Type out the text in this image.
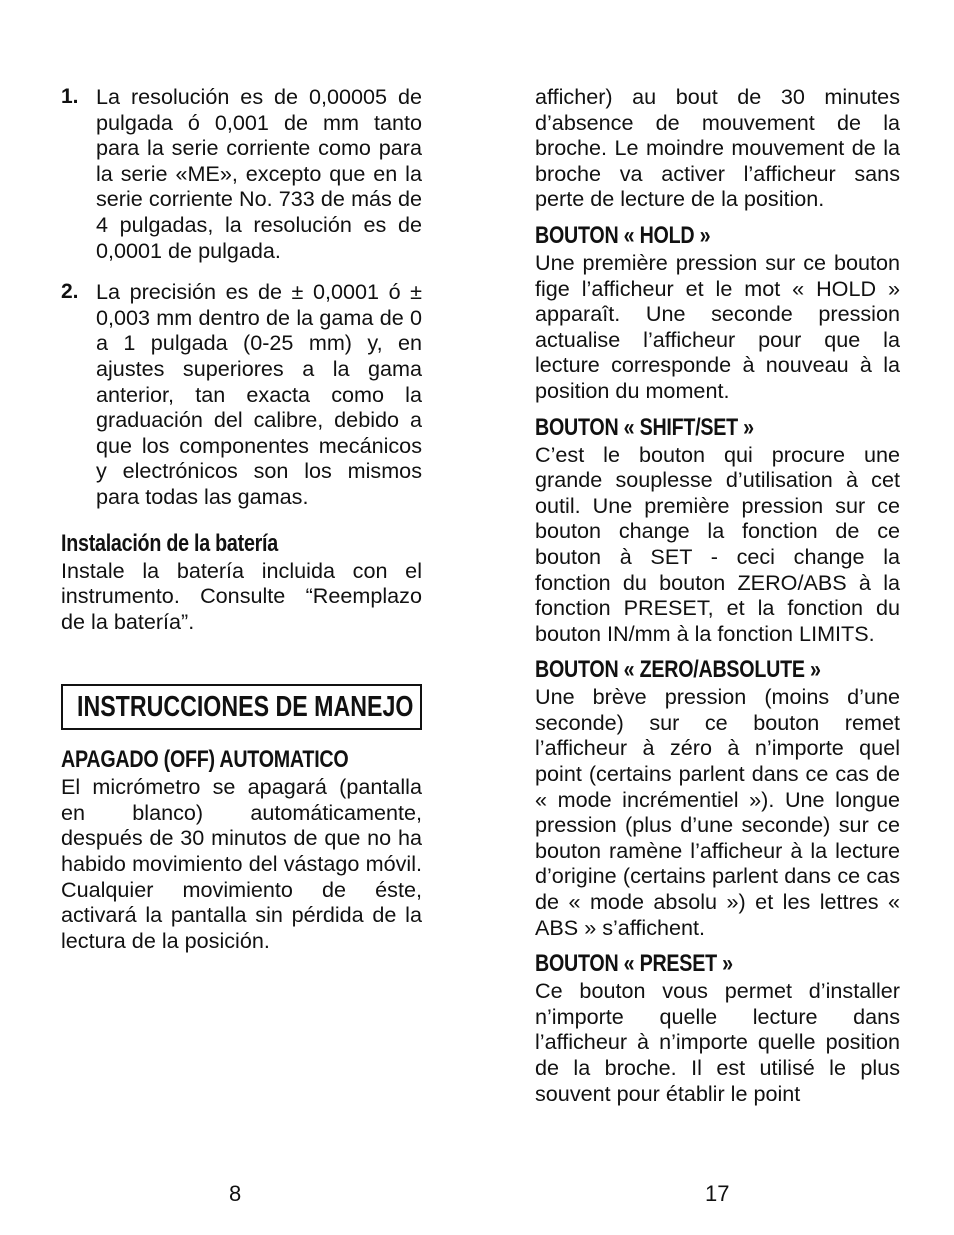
1. La resolución es de 0,00005 de pulgada ó 0,001 de mm tanto para la serie corriente como para la serie «ME», excepto que en la serie corriente No. 733 de más de 4 pulgadas, la resolución es de 0,0001 de pulgada.

2. La precisión es de ± 0,0001 ó ± 0,003 mm dentro de la gama de 0 a 1 pulgada (0-25 mm) y, en ajustes superiores a la gama anterior, tan exacta como la graduación del calibre, debido a que los componentes mecánicos y electrónicos son los mismos para todas las gamas.

Instalación de la batería

Instale la batería incluida con el instrumento. Consulte “Reemplazo de la batería”.

INSTRUCCIONES DE MANEJO
APAGADO (OFF) AUTOMATICO

El micrómetro se apagará (pantalla en blanco) automáticamente, después de 30 minutos de que no ha habido movimiento del vástago móvil. Cualquier movimiento de éste, activará la pantalla sin pérdida de la lectura de la posición.

afficher) au bout de 30 minutes d’absence de mouvement de la broche. Le moindre mouvement de la broche va activer l’afficheur sans perte de lecture de la position.

BOUTON « HOLD »

Une première pression sur ce bouton fige l’afficheur et le mot « HOLD » apparaît. Une seconde pression actualise l’afficheur pour que la lecture corresponde à nouveau à la position du moment.

BOUTON « SHIFT/SET »

C’est le bouton qui procure une grande souplesse d’utilisation à cet outil. Une première pression sur ce bouton change la fonction de ce bouton à SET - ceci change la fonction du bouton ZERO/ABS à la fonction PRESET, et la fonction du bouton IN/mm à la fonction LIMITS.

BOUTON « ZERO/ABSOLUTE »

Une brève pression (moins d’une seconde) sur ce bouton remet l’afficheur à zéro à n’importe quel point (certains parlent dans ce cas de « mode incrémentiel »). Une longue pression (plus d’une seconde) sur ce bouton ramène l’afficheur à la lecture d’origine (certains parlent dans ce cas de « mode absolu ») et les lettres « ABS » s’affichent.

BOUTON « PRESET »

Ce bouton vous permet d’installer n’importe quelle lecture dans l’afficheur à n’importe quelle position de la broche. Il est utilisé le plus souvent pour établir le point

8	17
